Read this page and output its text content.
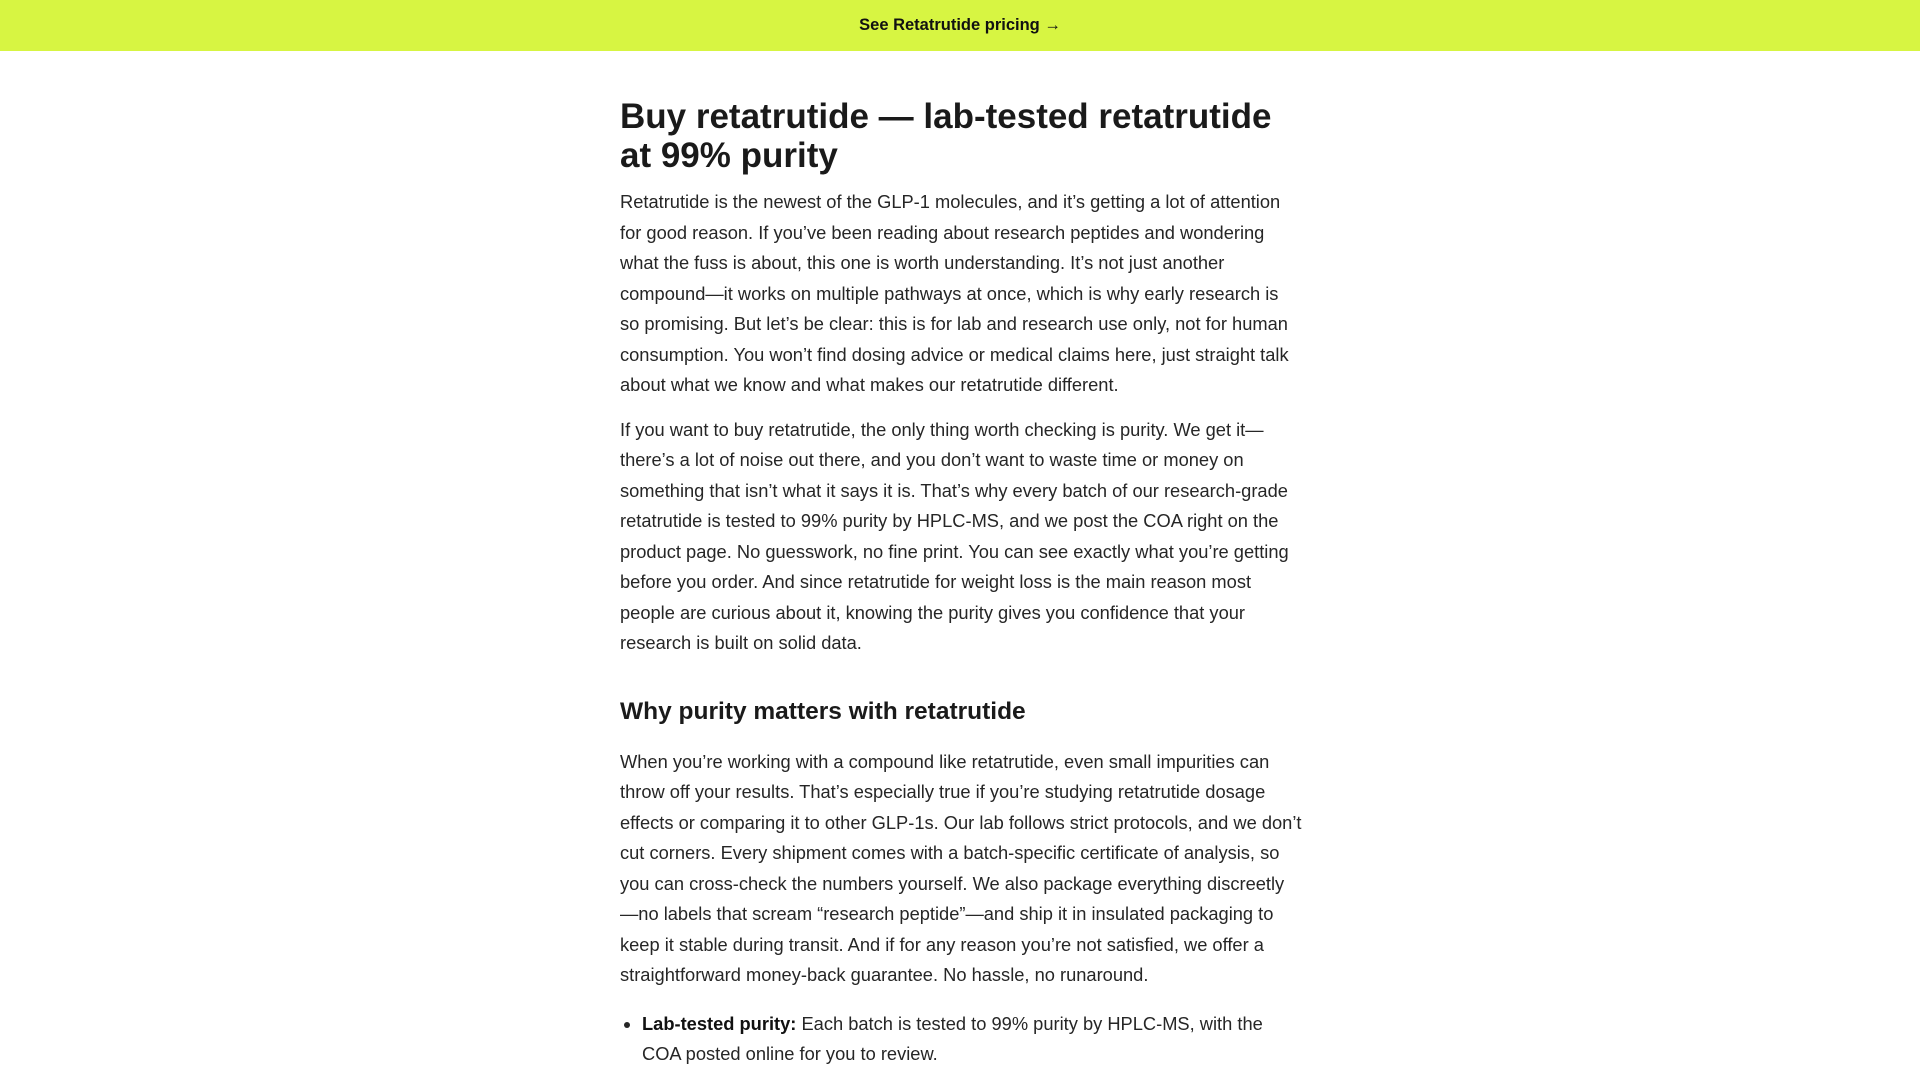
See Retatrutide pricing →
Buy retatrutide — lab-tested retatrutide at 99% purity

Retatrutide is the newest of the GLP-1 molecules, and it’s getting a lot of attention for good reason. If you’ve been reading about research peptides and wondering what the fuss is about, this one is worth understanding. It’s not just another compound—it works on multiple pathways at once, which is why early research is so promising. But let’s be clear: this is for lab and research use only, not for human consumption. You won’t find dosing advice or medical claims here, just straight talk about what we know and what makes our retatrutide different.

If you want to buy retatrutide, the only thing worth checking is purity. We get it—there’s a lot of noise out there, and you don’t want to waste time or money on something that isn’t what it says it is. That’s why every batch of our research-grade retatrutide is tested to 99% purity by HPLC-MS, and we post the COA right on the product page. No guesswork, no fine print. You can see exactly what you’re getting before you order. And since retatrutide for weight loss is the main reason most people are curious about it, knowing the purity gives you confidence that your research is built on solid data.

Why purity matters with retatrutide

When you’re working with a compound like retatrutide, even small impurities can throw off your results. That’s especially true if you’re studying retatrutide dosage effects or comparing it to other GLP-1s. Our lab follows strict protocols, and we don’t cut corners. Every shipment comes with a batch-specific certificate of analysis, so you can cross-check the numbers yourself. We also package everything discreetly—no labels that scream “research peptide”—and ship it in insulated packaging to keep it stable during transit. And if for any reason you’re not satisfied, we offer a straightforward money-back guarantee. No hassle, no runaround.

• Lab-tested purity: Each batch is tested to 99% purity by HPLC-MS, with the COA posted online for you to review.
